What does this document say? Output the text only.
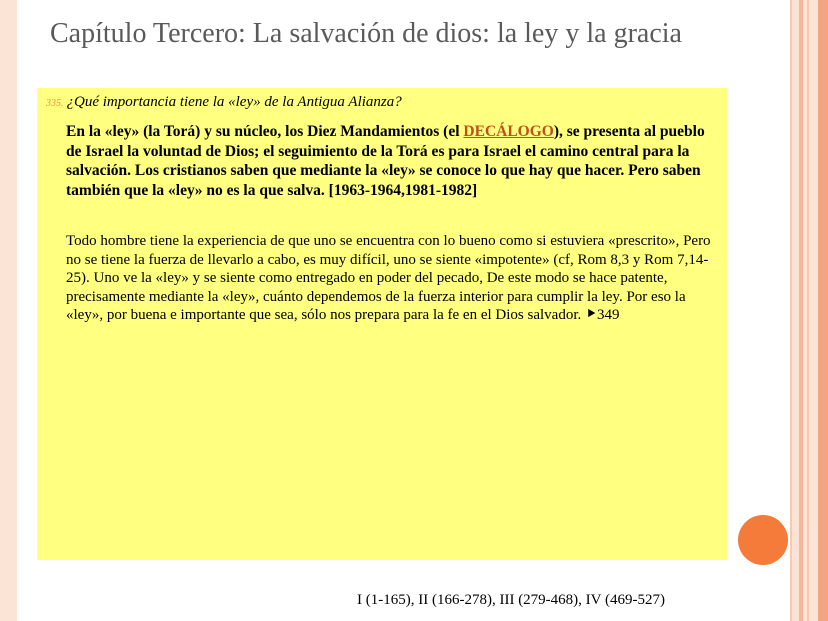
Capítulo Tercero: La salvación de dios: la ley y la gracia
335. ¿Qué importancia tiene la «ley» de la Antigua Alianza?

En la «ley» (la Torá) y su núcleo, los Diez Mandamientos (el DECÁLOGO), se presenta al pueblo de Israel la voluntad de Dios; el seguimiento de la Torá es para Israel el camino central para la salvación. Los cristianos saben que mediante la «ley» se conoce lo que hay que hacer. Pero saben también que la «ley» no es la que salva. [1963-1964,1981-1982]

Todo hombre tiene la experiencia de que uno se encuentra con lo bueno como si estuviera «prescrito», Pero no se tiene la fuerza de llevarlo a cabo, es muy difícil, uno se siente «impotente» (cf, Rom 8,3 y Rom 7,14-25). Uno ve la «ley» y se siente como entregado en poder del pecado, De este modo se hace patente, precisamente mediante la «ley», cuánto dependemos de la fuerza interior para cumplir la ley. Por eso la «ley», por buena e importante que sea, sólo nos prepara para la fe en el Dios salvador. ⯈349

I (1-165), II (166-278), III (279-468), IV (469-527)
